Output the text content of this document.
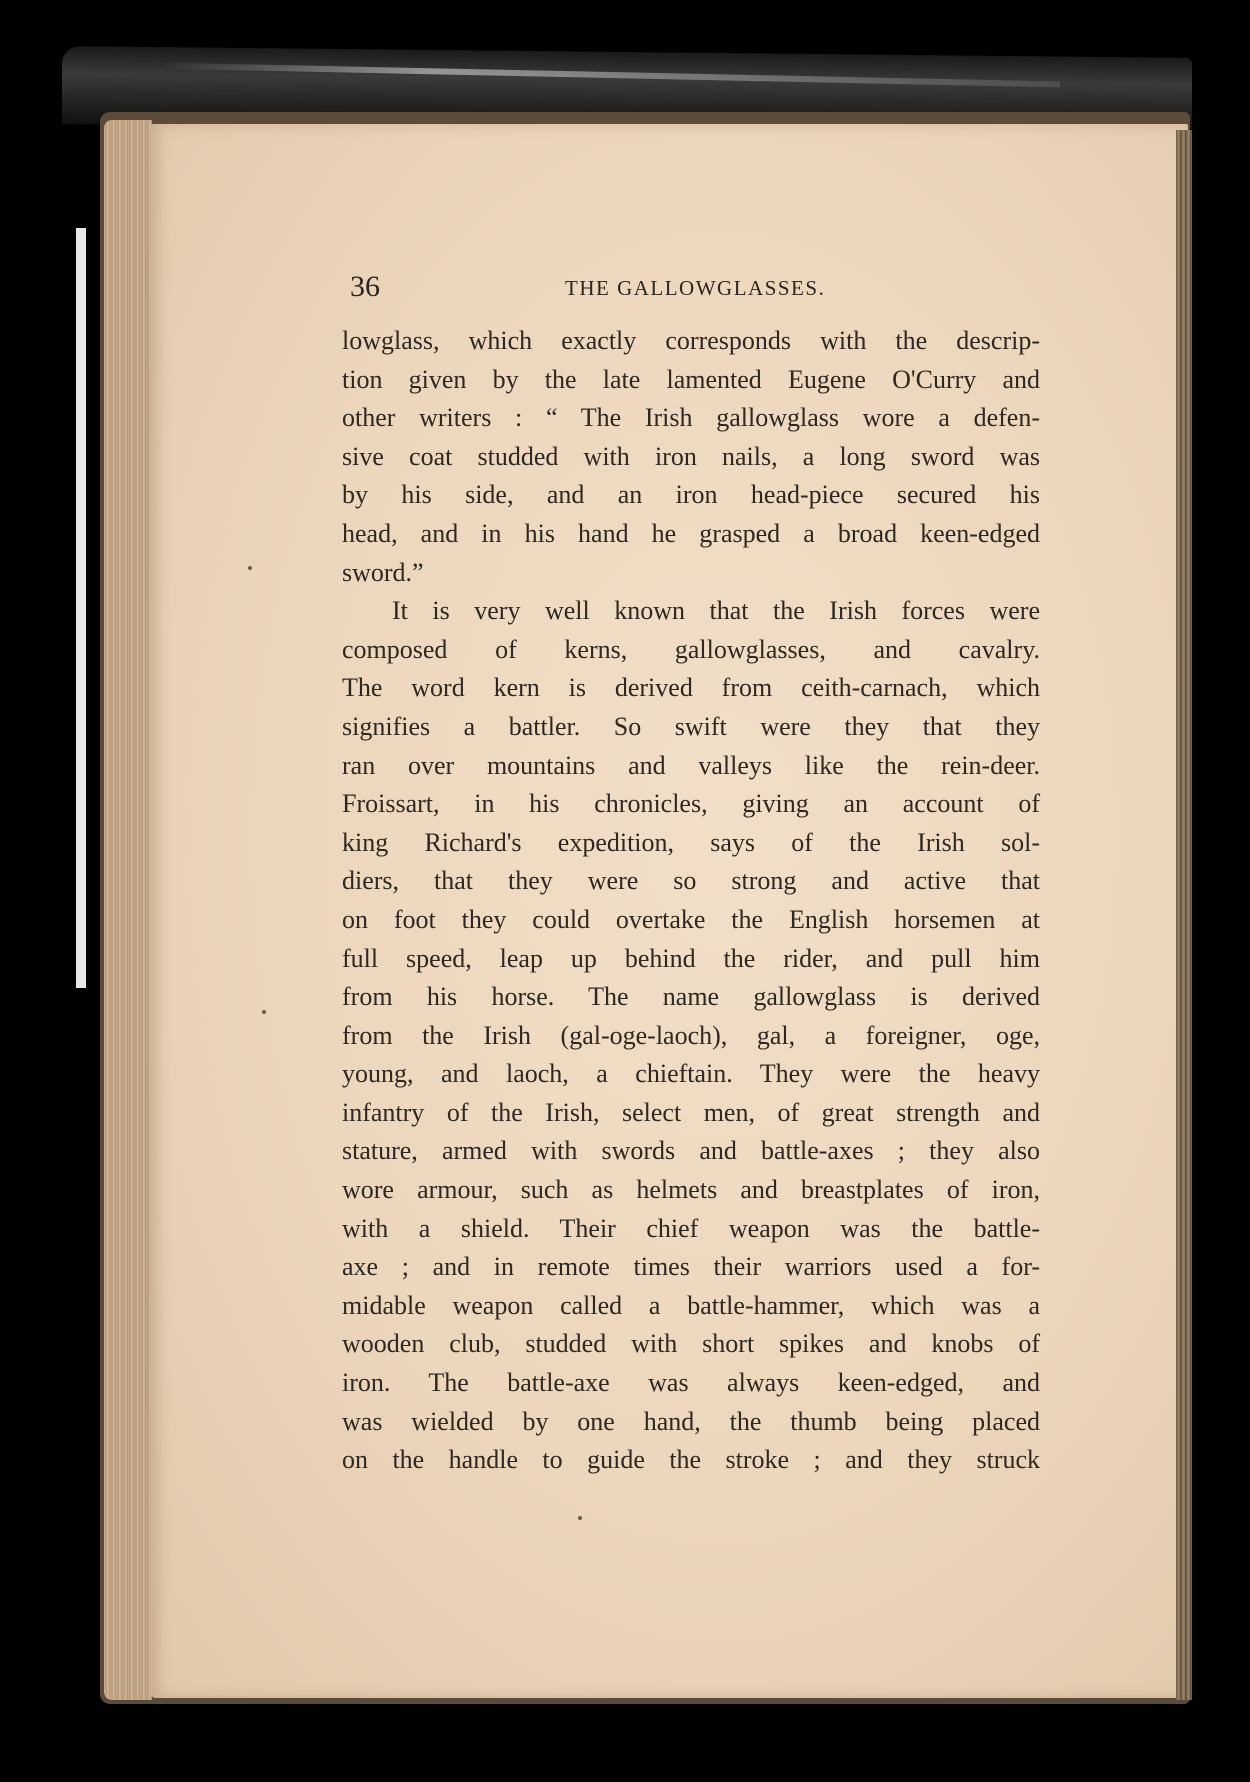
36	THE GALLOWGLASSES.
lowglass, which exactly corresponds with the descrip-
tion given by the late lamented Eugene O'Curry and
other writers : “ The Irish gallowglass wore a defen-
sive coat studded with iron nails, a long sword was
by his side, and an iron head-piece secured his
head, and in his hand he grasped a broad keen-edged
sword.”
It is very well known that the Irish forces were
composed of kerns, gallowglasses, and cavalry.
The word kern is derived from ceith-carnach, which
signifies a battler. So swift were they that they
ran over mountains and valleys like the rein-deer.
Froissart, in his chronicles, giving an account of
king Richard's expedition, says of the Irish sol-
diers, that they were so strong and active that
on foot they could overtake the English horsemen at
full speed, leap up behind the rider, and pull him
from his horse. The name gallowglass is derived
from the Irish (gal-oge-laoch), gal, a foreigner, oge,
young, and laoch, a chieftain. They were the heavy
infantry of the Irish, select men, of great strength and
stature, armed with swords and battle-axes ; they also
wore armour, such as helmets and breastplates of iron,
with a shield. Their chief weapon was the battle-
axe ; and in remote times their warriors used a for-
midable weapon called a battle-hammer, which was a
wooden club, studded with short spikes and knobs of
iron. The battle-axe was always keen-edged, and
was wielded by one hand, the thumb being placed
on the handle to guide the stroke ; and they struck
